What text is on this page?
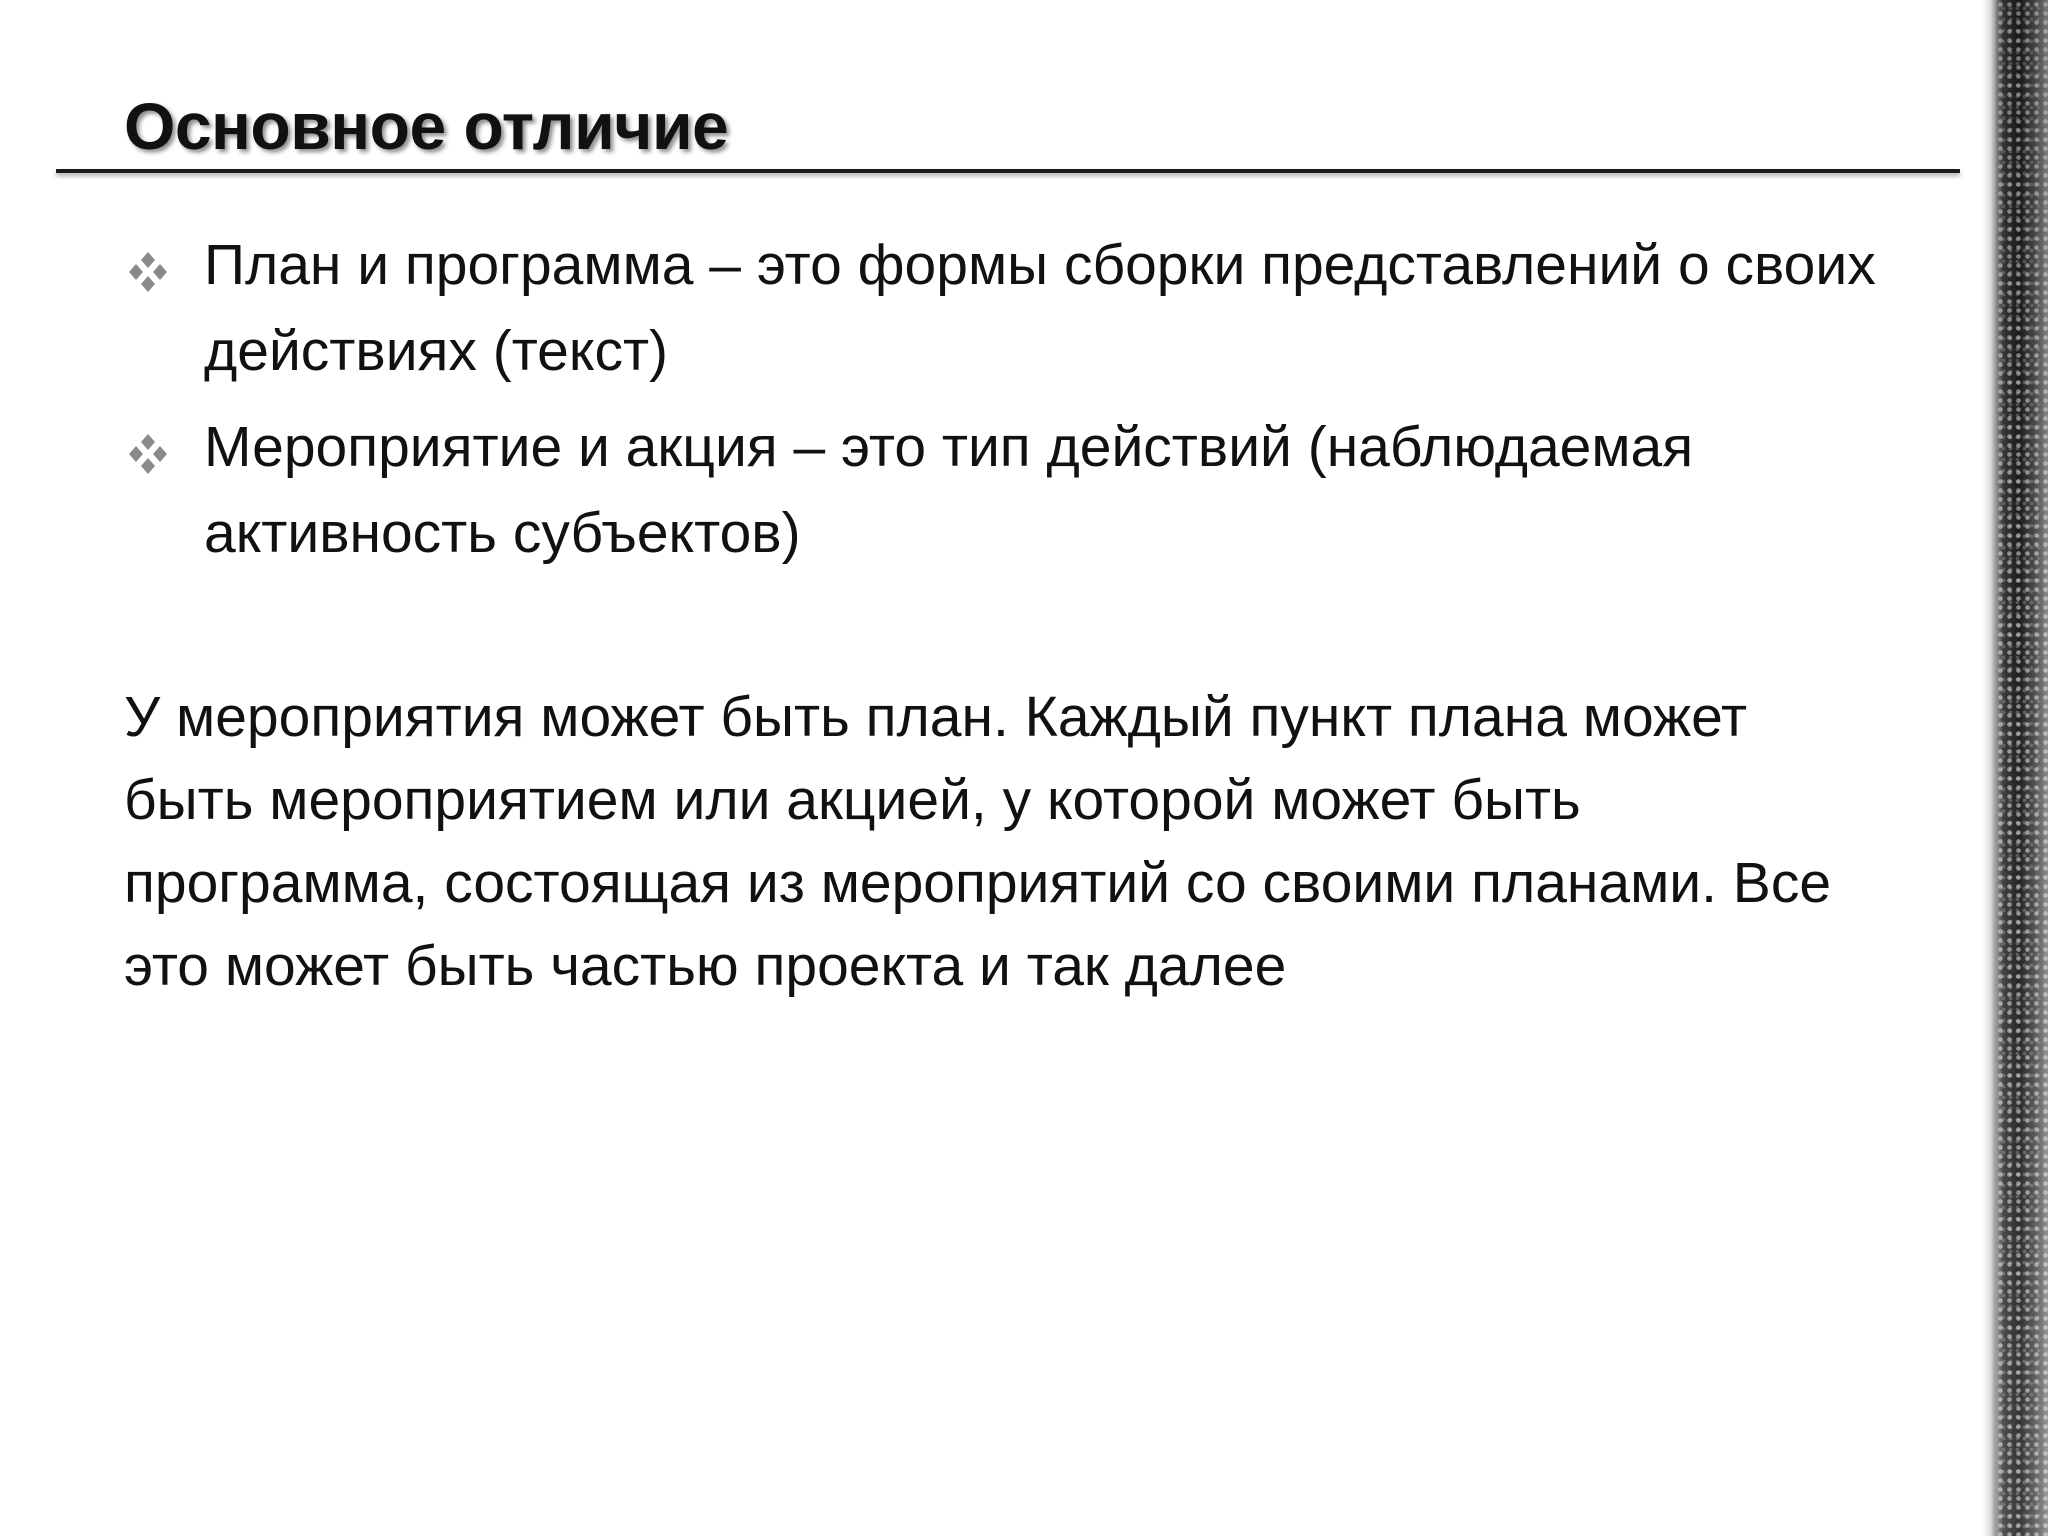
Основное отличие
План и программа – это формы сборки представлений о своих действиях (текст)
Мероприятие и акция – это тип действий (наблюдаемая активность субъектов)

У мероприятия может быть план. Каждый пункт плана может быть мероприятием или акцией, у которой может быть программа, состоящая из мероприятий со своими планами. Все это может быть частью проекта и так далее
